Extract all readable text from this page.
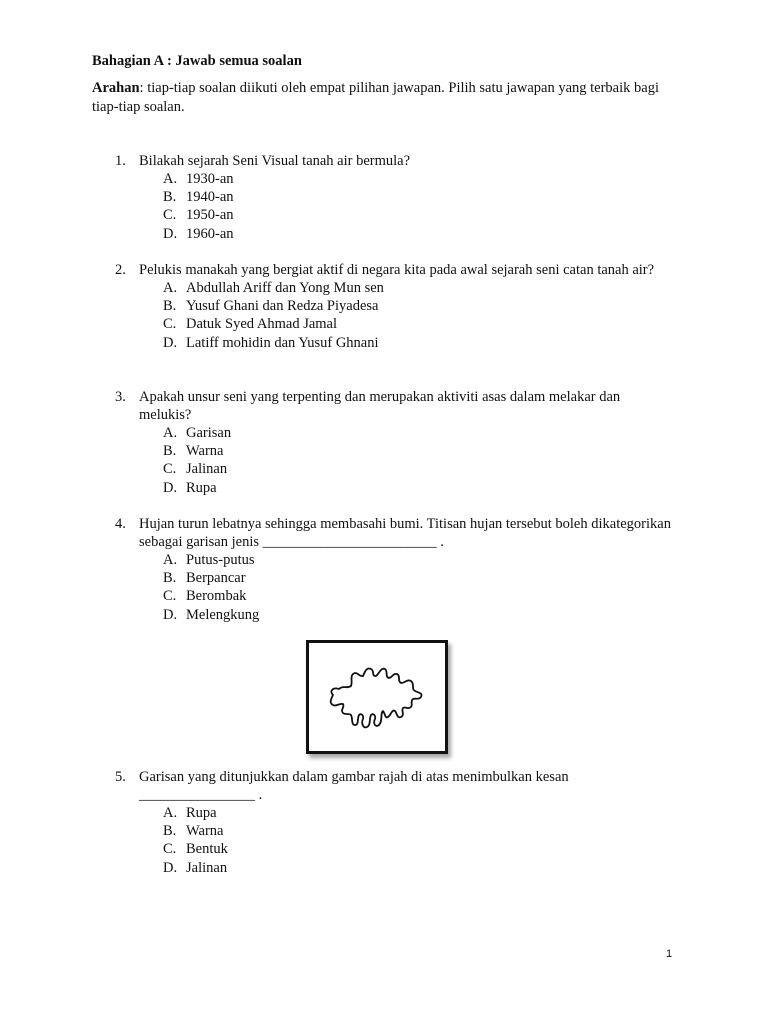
Bahagian A : Jawab semua soalan
Arahan: tiap-tiap soalan diikuti oleh empat pilihan jawapan. Pilih satu jawapan yang terbaik bagi tiap-tiap soalan.
1. Bilakah sejarah Seni Visual tanah air bermula?
A. 1930-an
B. 1940-an
C. 1950-an
D. 1960-an
2. Pelukis manakah yang bergiat aktif di negara kita pada awal sejarah seni catan tanah air?
A. Abdullah Ariff dan Yong Mun sen
B. Yusuf Ghani dan Redza Piyadesa
C. Datuk Syed Ahmad Jamal
D. Latiff mohidin dan Yusuf Ghnani
3. Apakah unsur seni yang terpenting dan merupakan aktiviti asas dalam melakar dan melukis?
A. Garisan
B. Warna
C. Jalinan
D. Rupa
4. Hujan turun lebatnya sehingga membasahi bumi. Titisan hujan tersebut boleh dikategorikan sebagai garisan jenis ________________________ .
A. Putus-putus
B. Berpancar
C. Berombak
D. Melengkung
5. Garisan yang ditunjukkan dalam gambar rajah di atas menimbulkan kesan ________________ .
A. Rupa
B. Warna
C. Bentuk
D. Jalinan
1
